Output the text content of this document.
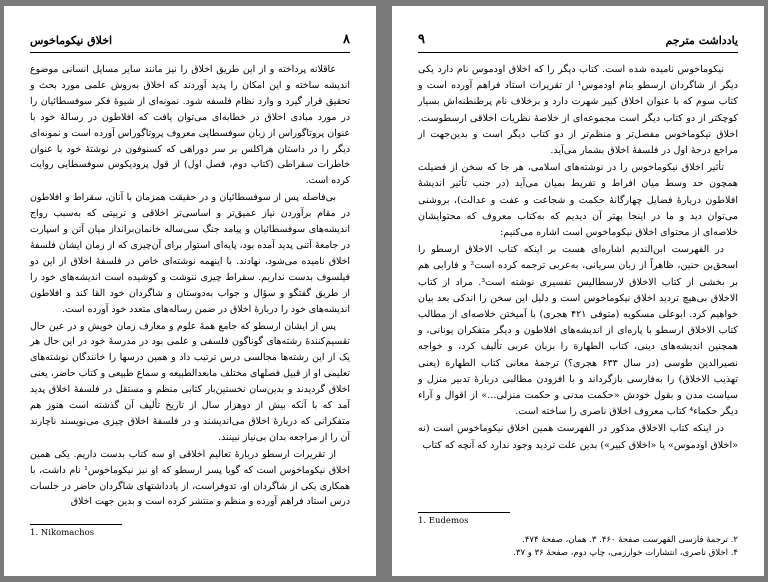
اخلاق نیکوماخوس	۸

عاقلانه پرداخته و از این طریق اخلاق را نیز مانند سایر مسایل انسانی موضوع اندیشه ساخته و این امکان را پدید آوردند که اخلاق به‌روش علمی مورد بحث و تحقیق قرار گیرد و وارد نظام فلسفه شود. نمونه‌ای از شیوهٔ فکر سوفسطائیان را در مورد مبادی اخلاق در خطابه‌ای می‌توان یافت که افلاطون در رسالهٔ خود با عنوان پروتاگوراس از زبان سوفسطایی معروف پروتاگوراس آورده است و نمونه‌ای دیگر را در داستان هراکلس بر سر دوراهی که کسنوفون در نوشتهٔ خود با عنوان خاطرات سقراطی (کتاب دوم، فصل اول) از قول پرودیکوس سوفسطایی روایت کرده است.

بی‌فاصله پس از سوفسطائیان و در حقیقت همزمان با آنان، سقراط و افلاطون در مقام برآوردن نیاز عمیق‌تر و اساسی‌تر اخلاقی و تربیتی که به‌سبب رواج اندیشه‌های سوفسطائیان و پیامد جنگ سی‌ساله خانمان‌برانداز میان آتن و اسپارت در جامعهٔ آتنی پدید آمده بود، پایه‌ای استوار برای آن‌چیزی که از زمان ایشان فلسفهٔ اخلاق نامیده می‌شود، نهادند. با اینهمه نوشته‌ای خاص در فلسفهٔ اخلاق از این دو فیلسوف بدست نداریم. سقراط چیزی ننوشت و کوشیده است اندیشه‌های خود را از طریق گفتگو و سؤال و جواب به‌دوستان و شاگردان خود القا کند و افلاطون اندیشه‌های خود را دربارهٔ اخلاق در ضمن رساله‌های متعدد خود آورده است.

پس از ایشان ارسطو که جامع همهٔ علوم و معارف زمان خویش و در عین حال تقسیم‌کنندهٔ رشته‌های گوناگون فلسفی و علمی بود در مدرسهٔ خود در این حال هر یک از این رشته‌ها مجالسی درس ترتیب داد و همین درسها را خانندگان نوشته‌های تعلیمی او از قبیل فصلهای مختلف مابعدالطبیعه و سماع طبیعی و کتاب حاضر، یعنی اخلاق گردیدند و بدین‌سان نخستین‌بار کتابی منظم و مستقل در فلسفهٔ اخلاق پدید آمد که با آنکه بیش از دوهزار سال از تاریخ تألیف آن گذشته است هنوز هم متفکرانی که دربارهٔ اخلاق می‌اندیشند و در فلسفهٔ اخلاق چیزی می‌نویسند ناچارند آن را از مراجعه بدان بی‌نیاز نبینند.

از تقریرات ارسطو دربارهٔ تعالیم اخلاقی او سه کتاب بدست داریم. یکی همین اخلاق نیکوماخوس است که گویا پسر ارسطو که او نیز نیکوماخوس¹ نام داشت، با همکاری یکی از شاگردان او، تدوفراست، از یادداشتهای شاگردان حاضر در جلسات درس استاد فراهم آورده و منظم و منتشر کرده است و بدین جهت اخلاق

1. Nikomachos
یادداشت مترجم
۹

نیکوماخوس نامیده شده است. کتاب دیگر را که اخلاق اودموس نام دارد یکی دیگر از شاگردان ارسطو بنام اودموس¹ از تقریرات استاد فراهم آورده است و کتاب سوم که با عنوان اخلاق کبیر شهرت دارد و برخلاف نام پرطنطنه‌اش بسیار کوچکتر از دو کتاب دیگر است مجموعه‌ای از خلاصهٔ نظریات اخلاقی ارسطوست. اخلاق نیکوماخوس مفصل‌تر و منظم‌تر از دو کتاب دیگر است و بدین‌جهت از مراجع درجهٔ اول در فلسفهٔ اخلاق بشمار می‌آید.

تأثیر اخلاق نیکوماخوس را در نوشته‌های اسلامی، هر جا که سخن از فضیلت همچون حد وسط میان افراط و تفریط بمیان می‌آید (در جنب تأثیر اندیشهٔ افلاطون دربارهٔ فضایل چهارگانهٔ حکمت و شجاعت و عفت و عدالت)، بروشنی می‌توان دید و ما در اینجا بهتر آن دیدیم که به‌کتاب معروف که محتوایشان خلاصه‌ای از محتوای اخلاق نیکوماخوس است اشاره می‌کنیم:

در الفهرست ابن‌الندیم اشاره‌ای هست بر اینکه کتاب الاخلاق ارسطو را اسحق‌بن حنین، ظاهراً از زبان سریانی، به‌عربی ترجمه کرده است² و فارابی هم بر بخشی از کتاب الاخلاق لارسطالیس تفسیری نوشته است³. مراد از کتاب الاخلاق بی‌هیچ تردید اخلاق نیکوماخوس است و دلیل این سخن را اندکی بعد بیان خواهیم کرد. ابوعلی مسکویه (متوفی ۴۲۱ هجری) با آمیختن خلاصه‌ای از مطالب کتاب الاخلاق ارسطو با پاره‌ای از اندیشه‌های افلاطون و دیگر متفکران یونانی، و همچنین اندیشه‌های دینی، کتاب الطهارة را بزبان عربی تألیف کرد، و خواجه نصیرالدین طوسی (در سال ۶۳۳ هجری؟) ترجمهٔ معانی کتاب الطهارة (یعنی تهذیب الاخلاق) را به‌فارسی بازگرداند و با افزودن مطالبی دربارهٔ تدبیر منزل و سیاست مدن و بقول خودش «حکمت مدنی و حکمت منزلی...» از اقوال و آراء دیگر حکماء⁴ کتاب معروف اخلاق ناصری را ساخته است.

در اینکه کتاب الاخلاق مذکور در الفهرست همین اخلاق نیکوماخوس است (نه «اخلاق اودموس» یا «اخلاق کبیر») بدین علت تردید وجود ندارد که آنچه که کتاب

1. Eudemos
۲. ترجمهٔ فارسی الفهرست صفحهٔ ۴۶۰. ۳. همان، صفحهٔ ۴۷۴.
۴. اخلاق ناصری، انتشارات خوارزمی، چاپ دوم، صفحهٔ ۳۶ و ۳۷.
